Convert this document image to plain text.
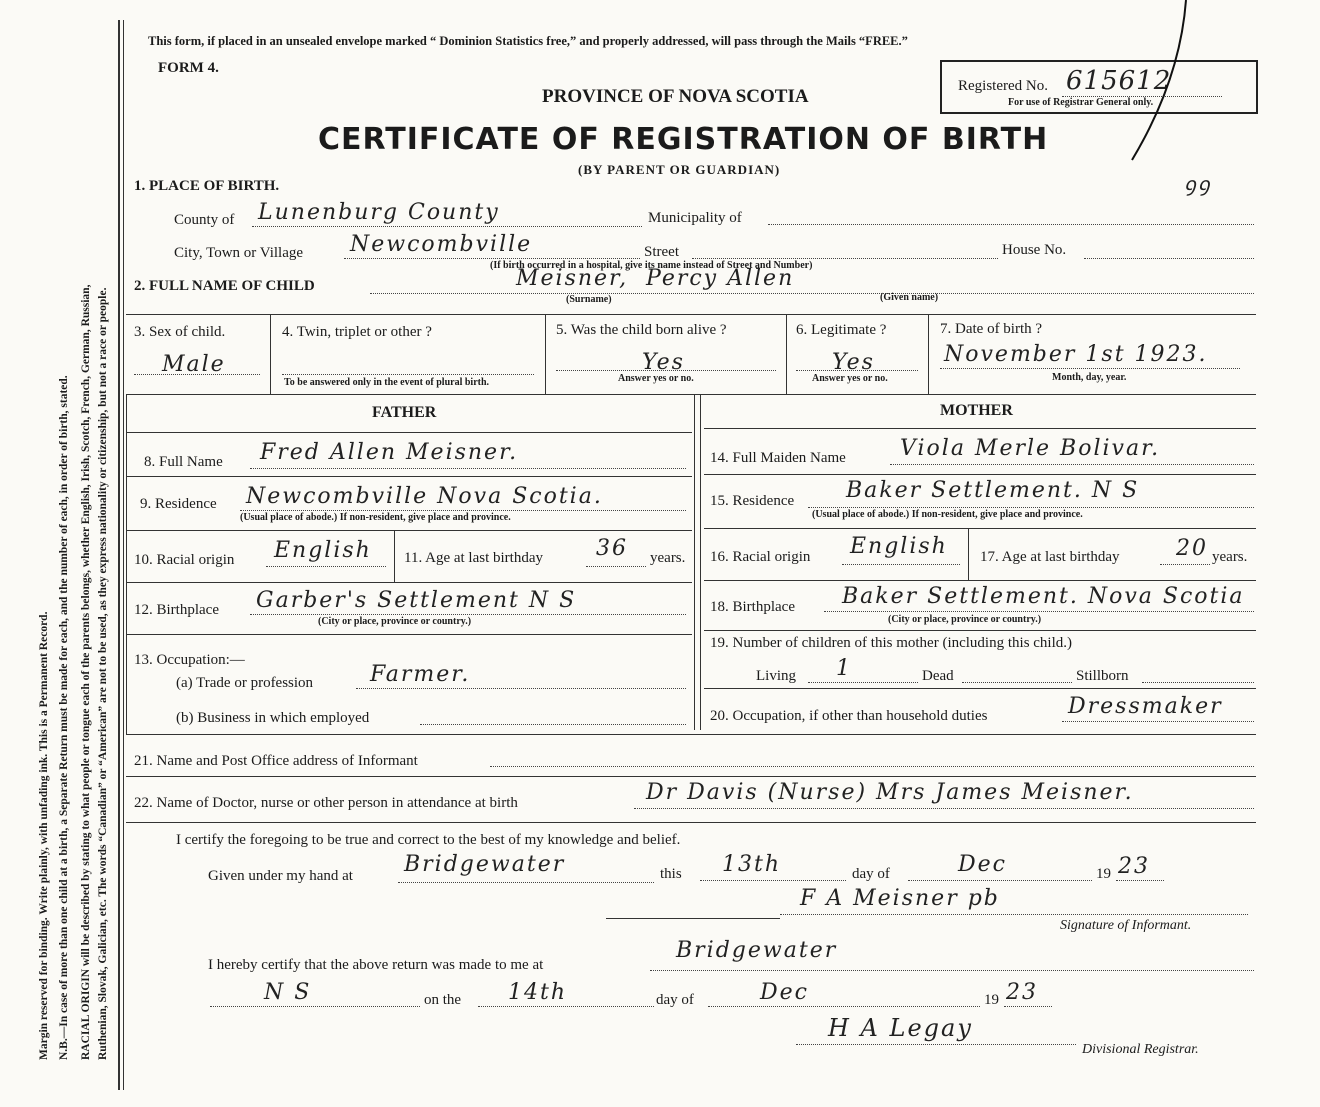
Margin reserved for binding. Write plainly, with unfading ink. This is a Permanent Record. N.B.—In case of more than one child at a birth, a Separate Return must be made for each, and the number of each, in order of birth, stated. RACIAL ORIGIN will be described by stating to what people or tongue each of the parents belongs, whether English, Irish, Scotch, French, German, Russian, Ruthenian, Slovak, Galician, etc. The words “Canadian” or “American” are not to be used, as they express nationality or citizenship, but not a race or people.
This form, if placed in an unsealed envelope marked “ Dominion Statistics free,” and properly addressed, will pass through the Mails “FREE.”
FORM 4.
PROVINCE OF NOVA SCOTIA
CERTIFICATE OF REGISTRATION OF BIRTH
(BY PARENT OR GUARDIAN)
Registered No. 615612
For use of Registrar General only.
ꝯꝯ
1. PLACE OF BIRTH.
County of Lunenburg County	Municipality of
City, Town or Village Newcombville	Street	House No.
(If birth occurred in a hospital, give its name instead of Street and Number)
2. FULL NAME OF CHILD	Meisner, Percy Allen
(Surname)	(Given name)
3. Sex of child.
Male
4. Twin, triplet or other ?
To be answered only in the event of plural birth.
5. Was the child born alive ?
Yes
Answer yes or no.
6. Legitimate ?
Yes
Answer yes or no.
7. Date of birth ?
November 1st 1923.
Month, day, year.
FATHER	MOTHER
8. Full Name Fred Allen Meisner.
9. Residence Newcombville Nova Scotia.
(Usual place of abode.) If non-resident, give place and province.
10. Racial origin English 11. Age at last birthday 36 years.
12. Birthplace Garber's Settlement N S
(City or place, province or country.)
13. Occupation:—
(a) Trade or profession	Farmer.
(b) Business in which employed
14. Full Maiden Name Viola Merle Bolivar.
15. Residence Baker Settlement. N S
(Usual place of abode.) If non-resident, give place and province.
16. Racial origin English 17. Age at last birthday	20 years.
18. Birthplace Baker Settlement. Nova Scotia
(City or place, province or country.)
19. Number of children of this mother (including this child.)
Living 1	Dead	Stillborn
20. Occupation, if other than household duties	Dressmaker
21. Name and Post Office address of Informant
22. Name of Doctor, nurse or other person in attendance at birth	Dr Davis (Nurse) Mrs James Meisner.
I certify the foregoing to be true and correct to the best of my knowledge and belief.
Given under my hand at Bridgewater	this 13th	day of	Dec	19 23
F A Meisner pb
Signature of Informant.
I hereby certify that the above return was made to me at
Bridgewater
N S	on the 14th	day of	Dec	19 23
H A Legay
Divisional Registrar.
